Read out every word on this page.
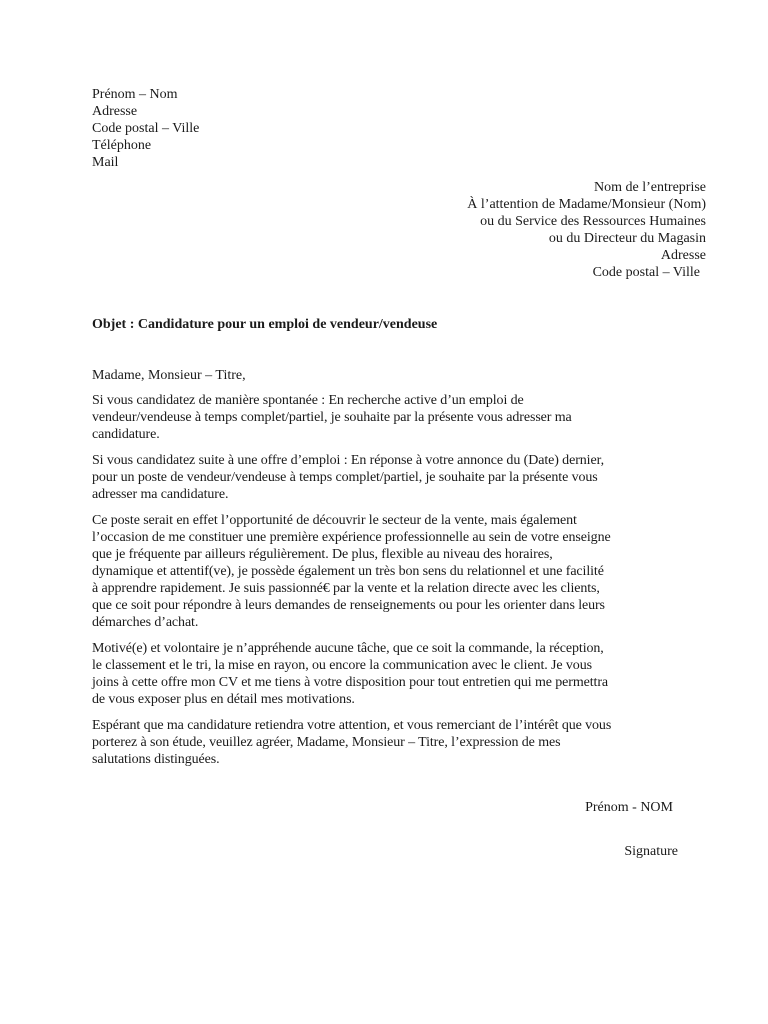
Prénom – Nom
Adresse
Code postal – Ville
Téléphone
Mail
Nom de l’entreprise
À l’attention de Madame/Monsieur (Nom)
ou du Service des Ressources Humaines
ou du Directeur du Magasin
Adresse
Code postal – Ville
Objet : Candidature pour un emploi de vendeur/vendeuse
Madame, Monsieur – Titre,

Si vous candidatez de manière spontanée : En recherche active d’un emploi de
vendeur/vendeuse à temps complet/partiel, je souhaite par la présente vous adresser ma
candidature.

Si vous candidatez suite à une offre d’emploi : En réponse à votre annonce du (Date) dernier,
pour un poste de vendeur/vendeuse à temps complet/partiel, je souhaite par la présente vous
adresser ma candidature.

Ce poste serait en effet l’opportunité de découvrir le secteur de la vente, mais également
l’occasion de me constituer une première expérience professionnelle au sein de votre enseigne
que je fréquente par ailleurs régulièrement. De plus, flexible au niveau des horaires,
dynamique et attentif(ve), je possède également un très bon sens du relationnel et une facilité
à apprendre rapidement. Je suis passionné€ par la vente et la relation directe avec les clients,
que ce soit pour répondre à leurs demandes de renseignements ou pour les orienter dans leurs
démarches d’achat.

Motivé(e) et volontaire je n’appréhende aucune tâche, que ce soit la commande, la réception,
le classement et le tri, la mise en rayon, ou encore la communication avec le client. Je vous
joins à cette offre mon CV et me tiens à votre disposition pour tout entretien qui me permettra
de vous exposer plus en détail mes motivations.

Espérant que ma candidature retiendra votre attention, et vous remerciant de l’intérêt que vous
porterez à son étude, veuillez agréer, Madame, Monsieur – Titre, l’expression de mes
salutations distinguées.

Prénom - NOM
Signature
